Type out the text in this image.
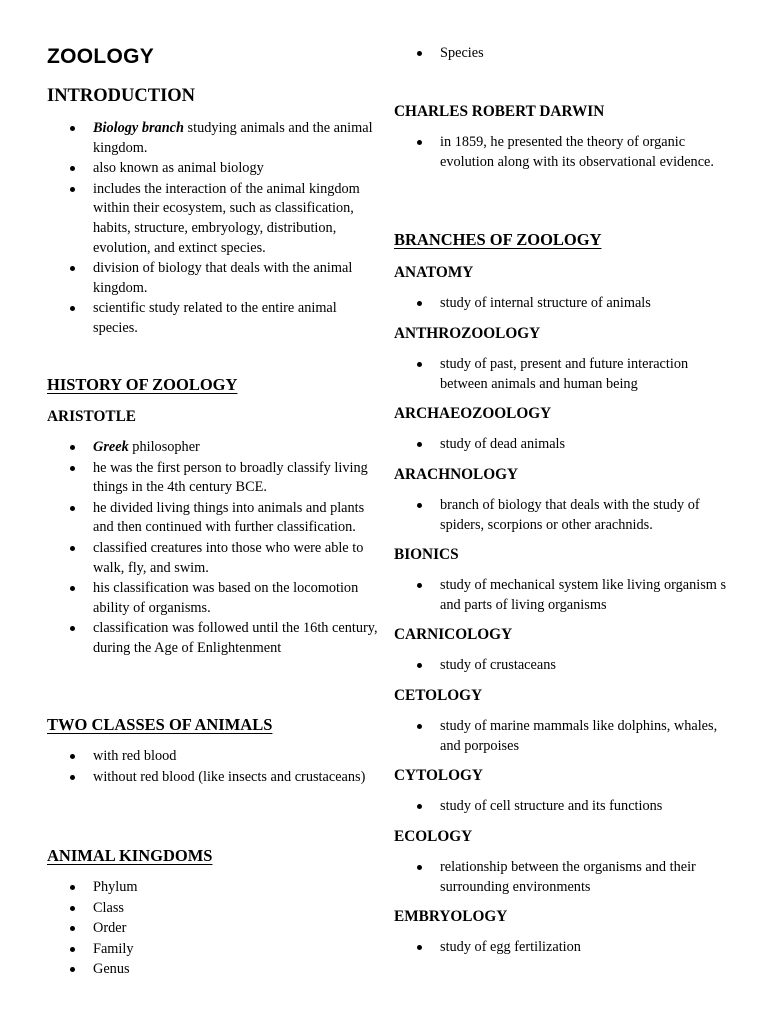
ZOOLOGY
INTRODUCTION
Biology branch studying animals and the animal kingdom.
also known as animal biology
includes the interaction of the animal kingdom within their ecosystem, such as classification, habits, structure, embryology, distribution, evolution, and extinct species.
division of biology that deals with the animal kingdom.
scientific study related to the entire animal species.
HISTORY OF ZOOLOGY
ARISTOTLE
Greek philosopher
he was the first person to broadly classify living things in the 4th century BCE.
he divided living things into animals and plants and then continued with further classification.
classified creatures into those who were able to walk, fly, and swim.
his classification was based on the locomotion ability of organisms.
classification was followed until the 16th century, during the Age of Enlightenment
TWO CLASSES OF ANIMALS
with red blood
without red blood (like insects and crustaceans)
ANIMAL KINGDOMS
Phylum
Class
Order
Family
Genus
Species
CHARLES ROBERT DARWIN
in 1859, he presented the theory of organic evolution along with its observational evidence.
BRANCHES OF ZOOLOGY
ANATOMY
study of internal structure of animals
ANTHROZOOLOGY
study of past, present and future interaction between animals and human being
ARCHAEOZOOLOGY
study of dead animals
ARACHNOLOGY
branch of biology that deals with the study of spiders, scorpions or other arachnids.
BIONICS
study of mechanical system like living organism s and parts of living organisms
CARNICOLOGY
study of crustaceans
CETOLOGY
study of marine mammals like dolphins, whales, and porpoises
CYTOLOGY
study of cell structure and its functions
ECOLOGY
relationship between the organisms and their surrounding environments
EMBRYOLOGY
study of egg fertilization
